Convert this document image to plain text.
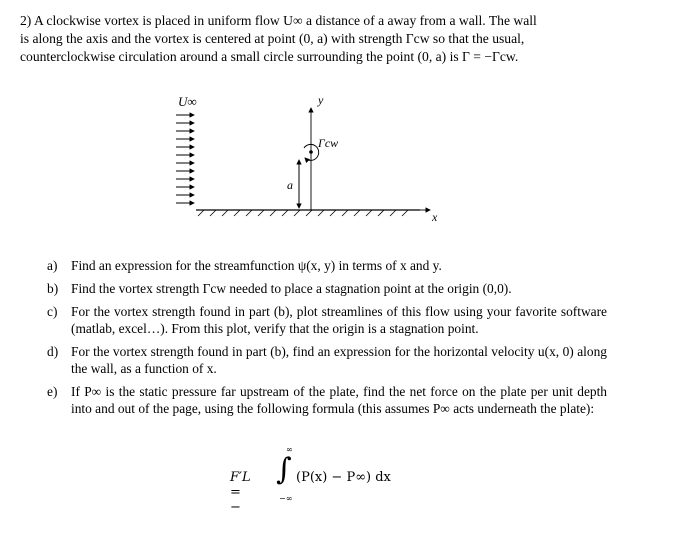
2) A clockwise vortex is placed in uniform flow U∞ a distance of a away from a wall. The wall
is along the axis and the vortex is centered at point (0, a) with strength Γcw so that the usual,
counterclockwise circulation around a small circle surrounding the point (0, a) is Γ = −Γcw.
U∞	y
x
a
Γcw
a) Find an expression for the streamfunction ψ(x, y) in terms of x and y.
b) Find the vortex strength Γcw needed to place a stagnation point at the origin (0,0).
c) For the vortex strength found in part (b), plot streamlines of this flow using your favorite software (matlab, excel…). From this plot, verify that the origin is a stagnation point.
d) For the vortex strength found in part (b), find an expression for the horizontal velocity u(x, 0) along the wall, as a function of x.
e) If P∞ is the static pressure far upstream of the plate, find the net force on the plate per unit depth into and out of the page, using the following formula (this assumes P∞ acts underneath the plate):
F′L = −
∞
∫
−∞
(P(x) − P∞) dx
